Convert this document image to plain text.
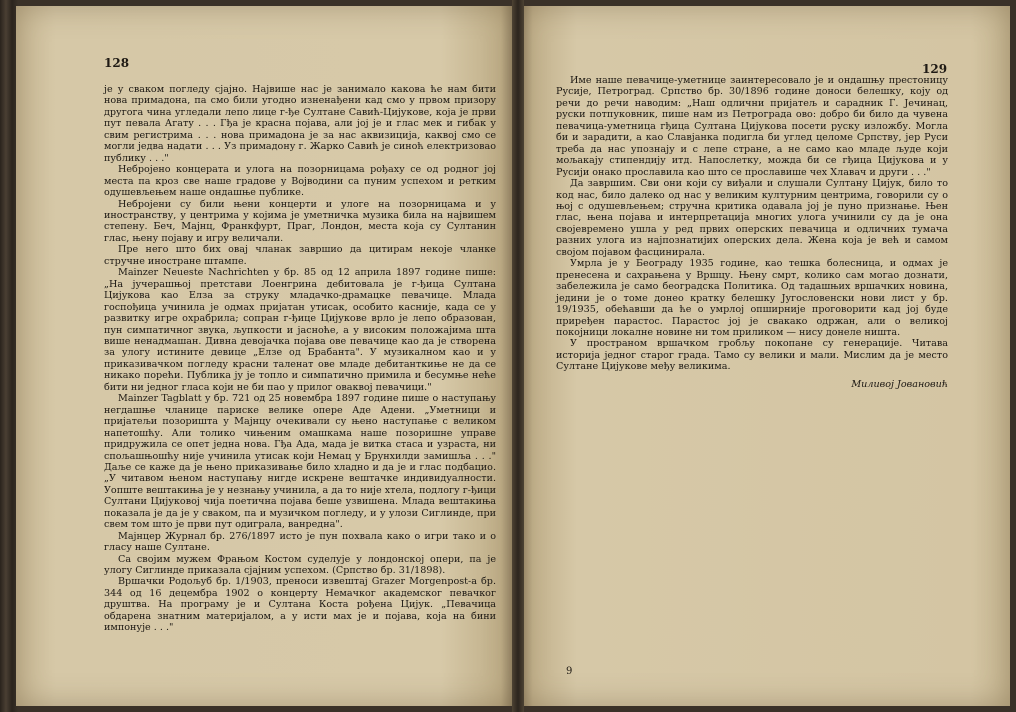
128

је у сваком погледу сјајно. Највише нас је занимало какова ће нам бити нова примадона, па смо били угодно изненађени кад смо у првом призору другога чина угледали лепо лице г-ђе Султане Савић-Цијукове, која је први пут певала Агату . . . Гђа је красна појава, али јој је и глас мек и гибак у свим регистрима . . . нова примадона је за нас аквизиција, каквој смо се могли једва надати . . . Уз примадону г. Жарко Савић је синоћ електризовао публику . . ."

Небројено концерата и улога на позорницама рођаху се од родног јој места па кроз све наше градове у Војводини са пуним успехом и ретким одушевљењем наше ондашње публике.

Небројени су били њени концерти и улоге на позорницама и у иностранству, у центрима у којима је уметничка музика била на највишем степену. Беч, Мајнц, Франкфурт, Праг, Лондон, места која су Султанин глас, њену појаву и игру величали.

Пре него што бих овај чланак завршио да цитирам некоје чланке стручне иностране штампе.

Mainzer Neueste Nachrichten у бр. 85 од 12 априла 1897 године пише: „На јучерашњој претстави Лоенгрина дебитовала је г-ђица Султана Цијукова као Елза за струку младачко-драмацке певачице. Млада госпођица учинила је одмах пријатан утисак, особито касније, када се у развитку игре охрабрила; сопран г-ђице Цијукове врло је лепо образован, пун симпатичног звука, љупкости и јасноће, а у високим положајима шта више ненадмашан. Дивна девојачка појава ове певачице као да је створена за улогу истините девице „Елзе од Брабанта". У музикалном као и у приказивачком погледу красни таленат ове младе дебитанткиње не да се никако порећи. Публика ју је топло и симпатично примила и бесумње неће бити ни једног гласа који не би пао у прилог оваквој певачици."

Mainzer Tagblatt у бр. 721 од 25 новембра 1897 године пише о наступању негдашње чланице париске велике опере Аде Адени. „Уметници и пријатељи позоришта у Мајнцу очекивали су њено наступање с великом напетошћу. Али толико чињеним омашкама наше позоришне управе придружила се опет једна нова. Гђа Ада, мада је витка стаса и узраста, ни спољашњошћу није учинила утисак који Немац у Брунхилди замишља . . ." Даље се каже да је њено приказивање било хладно и да је и глас подбацио. „У читавом њеном наступању нигде искрене вештачке индивидуалности. Уопште вештакиња је у незнању учинила, а да то није хтела, подлогу г-ђици Султани Цијуковој чија поетична појава беше узвишена. Млада вештакиња показала је да је у сваком, па и музичком погледу, и у улози Сиглинде, при свем том што је први пут одиграла, ванредна".

Мајнцер Журнал бр. 276/1897 исто је пун похвала како о игри тако и о гласу наше Султане.

Са својим мужем Фрањом Костом суделује у лондонској опери, па је улогу Сиглинде приказала сјајним успехом. (Српство бр. 31/1898).

Вршачки Родољуб бр. 1/1903, преноси извештај Grazer Morgenpost-a бр. 344 од 16 децембра 1902 о концерту Немачког академског певачког друштва. На програму је и Султана Коста рођена Цијук. „Певачица обдарена знатним материјалом, а у исти мах је и појава, која на бини импонује . . ."

129

Име наше певачице-уметнице заинтересовало је и ондашњу престоницу Русије, Петроград. Српство бр. 30/1896 године доноси белешку, коју од речи до речи наводим: „Наш одлични пријатељ и сарадник Г. Јечинац, руски потпуковник, пише нам из Петрограда ово: добро би било да чувена певачица-уметница гђица Султана Цијукова посети руску изложбу. Могла би и зарадити, а као Славјанка подигла би углед целоме Српству, јер Руси треба да нас упознају и с лепе стране, а не само као младе људе који мољакају стипендију итд. Напослетку, можда би се гђица Цијукова и у Русији онако прославила као што се прославише чех Хлавач и други . . ."

Да завршим. Сви они који су виђали и слушали Султану Цијук, било то код нас, било далеко од нас у великим културним центрима, говорили су о њој с одушевљењем; стручна критика одавала јој је пуно признање. Њен глас, њена појава и интерпретација многих улога учинили су да је она својевремено ушла у ред првих оперских певачица и одличних тумача разних улога из најпознатијих оперских дела. Жена која је већ и самом својом појавом фасцинирала.

Умрла је у Београду 1935 године, као тешка болесница, и одмах је пренесена и сахрањена у Вршцу. Њену смрт, колико сам могао дознати, забележила је само београдска Политика. Од тадашњих вршачких новина, једини је о томе донео кратку белешку Југословенски нови лист у бр. 19/1935, обећавши да ће о умрлој опширније проговорити кад јој буде приређен парастос. Парастос јој је свакако одржан, али о великој покојници локалне новине ни том приликом — нису донеле ништа.

У пространом вршачком гробљу покопане су генерације. Читава историја једног старог града. Тамо су велики и мали. Мислим да је место Султане Цијукове међу великима.

Миливој Јовановић

9
